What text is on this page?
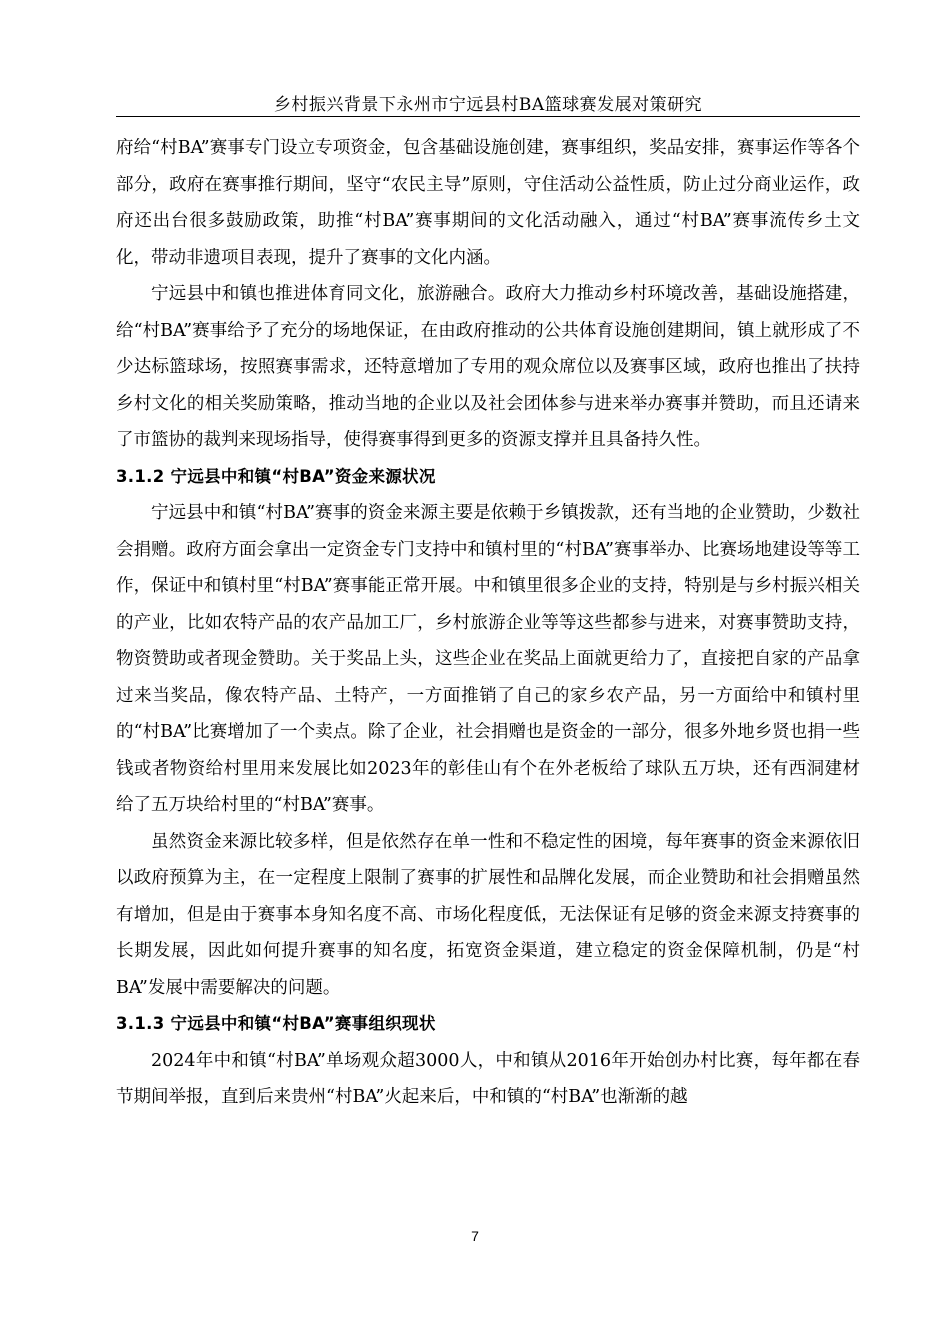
乡村振兴背景下永州市宁远县村BA篮球赛发展对策研究

府给“村BA”赛事专门设立专项资金，包含基础设施创建，赛事组织，奖品安排，赛事运作等各个部分，政府在赛事推行期间，坚守“农民主导”原则，守住活动公益性质，防止过分商业运作，政府还出台很多鼓励政策，助推“村BA”赛事期间的文化活动融入，通过“村BA”赛事流传乡土文化，带动非遗项目表现，提升了赛事的文化内涵。

宁远县中和镇也推进体育同文化，旅游融合。政府大力推动乡村环境改善，基础设施搭建，给“村BA”赛事给予了充分的场地保证，在由政府推动的公共体育设施创建期间，镇上就形成了不少达标篮球场，按照赛事需求，还特意增加了专用的观众席位以及赛事区域，政府也推出了扶持乡村文化的相关奖励策略，推动当地的企业以及社会团体参与进来举办赛事并赞助，而且还请来了市篮协的裁判来现场指导，使得赛事得到更多的资源支撑并且具备持久性。

3.1.2 宁远县中和镇“村BA”资金来源状况

宁远县中和镇“村BA”赛事的资金来源主要是依赖于乡镇拨款，还有当地的企业赞助，少数社会捐赠。政府方面会拿出一定资金专门支持中和镇村里的“村BA”赛事举办、比赛场地建设等等工作，保证中和镇村里“村BA”赛事能正常开展。中和镇里很多企业的支持，特别是与乡村振兴相关的产业，比如农特产品的农产品加工厂，乡村旅游企业等等这些都参与进来，对赛事赞助支持，物资赞助或者现金赞助。关于奖品上头，这些企业在奖品上面就更给力了，直接把自家的产品拿过来当奖品，像农特产品、土特产，一方面推销了自己的家乡农产品，另一方面给中和镇村里的“村BA”比赛增加了一个卖点。除了企业，社会捐赠也是资金的一部分，很多外地乡贤也捐一些钱或者物资给村里用来发展比如2023年的彰佳山有个在外老板给了球队五万块，还有西洞建材给了五万块给村里的“村BA”赛事。

虽然资金来源比较多样，但是依然存在单一性和不稳定性的困境，每年赛事的资金来源依旧以政府预算为主，在一定程度上限制了赛事的扩展性和品牌化发展，而企业赞助和社会捐赠虽然有增加，但是由于赛事本身知名度不高、市场化程度低，无法保证有足够的资金来源支持赛事的长期发展，因此如何提升赛事的知名度，拓宽资金渠道，建立稳定的资金保障机制，仍是“村BA”发展中需要解决的问题。

3.1.3 宁远县中和镇“村BA”赛事组织现状

2024年中和镇“村BA”单场观众超3000人，中和镇从2016年开始创办村比赛，每年都在春节期间举报，直到后来贵州“村BA”火起来后，中和镇的“村BA”也渐渐的越

7
